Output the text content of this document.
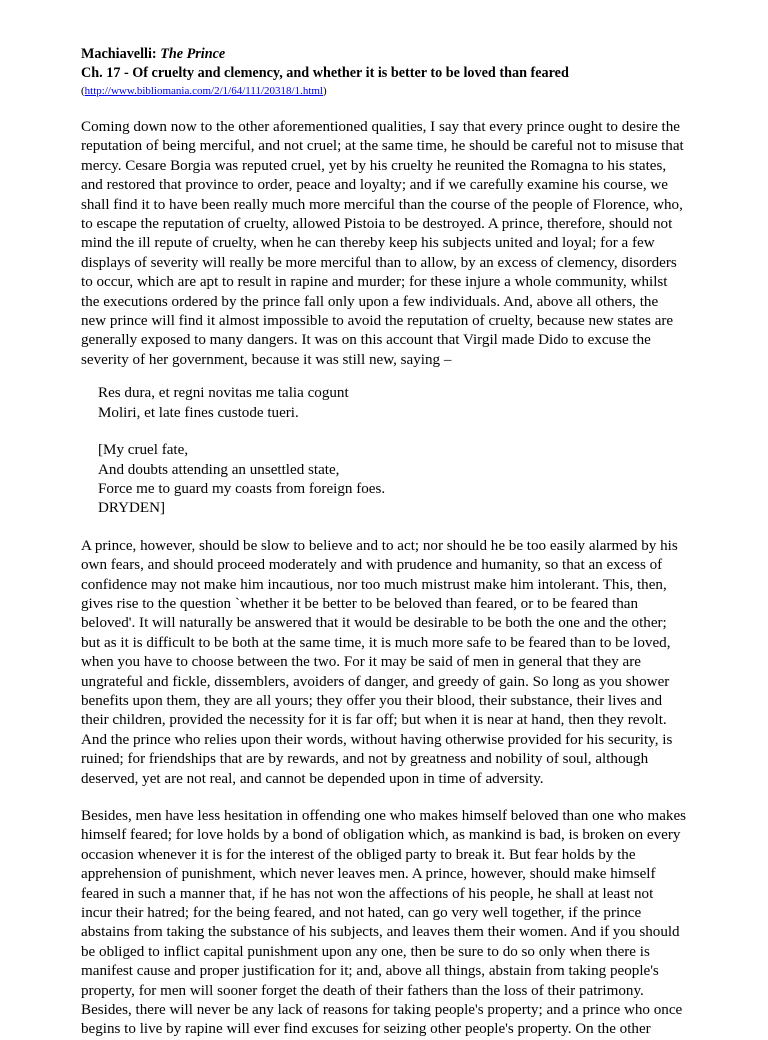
Machiavelli: The Prince

Ch. 17 - Of cruelty and clemency, and whether it is better to be loved than feared

(http://www.bibliomania.com/2/1/64/111/20318/1.html)

Coming down now to the other aforementioned qualities, I say that every prince ought to desire the
reputation of being merciful, and not cruel; at the same time, he should be careful not to misuse that
mercy. Cesare Borgia was reputed cruel, yet by his cruelty he reunited the Romagna to his states,
and restored that province to order, peace and loyalty; and if we carefully examine his course, we
shall find it to have been really much more merciful than the course of the people of Florence, who,
to escape the reputation of cruelty, allowed Pistoia to be destroyed. A prince, therefore, should not
mind the ill repute of cruelty, when he can thereby keep his subjects united and loyal; for a few
displays of severity will really be more merciful than to allow, by an excess of clemency, disorders
to occur, which are apt to result in rapine and murder; for these injure a whole community, whilst
the executions ordered by the prince fall only upon a few individuals. And, above all others, the
new prince will find it almost impossible to avoid the reputation of cruelty, because new states are
generally exposed to many dangers. It was on this account that Virgil made Dido to excuse the
severity of her government, because it was still new, saying –

Res dura, et regni novitas me talia cogunt
Moliri, et late fines custode tueri.
[My cruel fate,
And doubts attending an unsettled state,
Force me to guard my coasts from foreign foes.
DRYDEN]

A prince, however, should be slow to believe and to act; nor should he be too easily alarmed by his
own fears, and should proceed moderately and with prudence and humanity, so that an excess of
confidence may not make him incautious, nor too much mistrust make him intolerant. This, then,
gives rise to the question `whether it be better to be beloved than feared, or to be feared than
beloved'. It will naturally be answered that it would be desirable to be both the one and the other;
but as it is difficult to be both at the same time, it is much more safe to be feared than to be loved,
when you have to choose between the two. For it may be said of men in general that they are
ungrateful and fickle, dissemblers, avoiders of danger, and greedy of gain. So long as you shower
benefits upon them, they are all yours; they offer you their blood, their substance, their lives and
their children, provided the necessity for it is far off; but when it is near at hand, then they revolt.
And the prince who relies upon their words, without having otherwise provided for his security, is
ruined; for friendships that are by rewards, and not by greatness and nobility of soul, although
deserved, yet are not real, and cannot be depended upon in time of adversity.

Besides, men have less hesitation in offending one who makes himself beloved than one who makes
himself feared; for love holds by a bond of obligation which, as mankind is bad, is broken on every
occasion whenever it is for the interest of the obliged party to break it. But fear holds by the
apprehension of punishment, which never leaves men. A prince, however, should make himself
feared in such a manner that, if he has not won the affections of his people, he shall at least not
incur their hatred; for the being feared, and not hated, can go very well together, if the prince
abstains from taking the substance of his subjects, and leaves them their women. And if you should
be obliged to inflict capital punishment upon any one, then be sure to do so only when there is
manifest cause and proper justification for it; and, above all things, abstain from taking people's
property, for men will sooner forget the death of their fathers than the loss of their patrimony.
Besides, there will never be any lack of reasons for taking people's property; and a prince who once
begins to live by rapine will ever find excuses for seizing other people's property. On the other
